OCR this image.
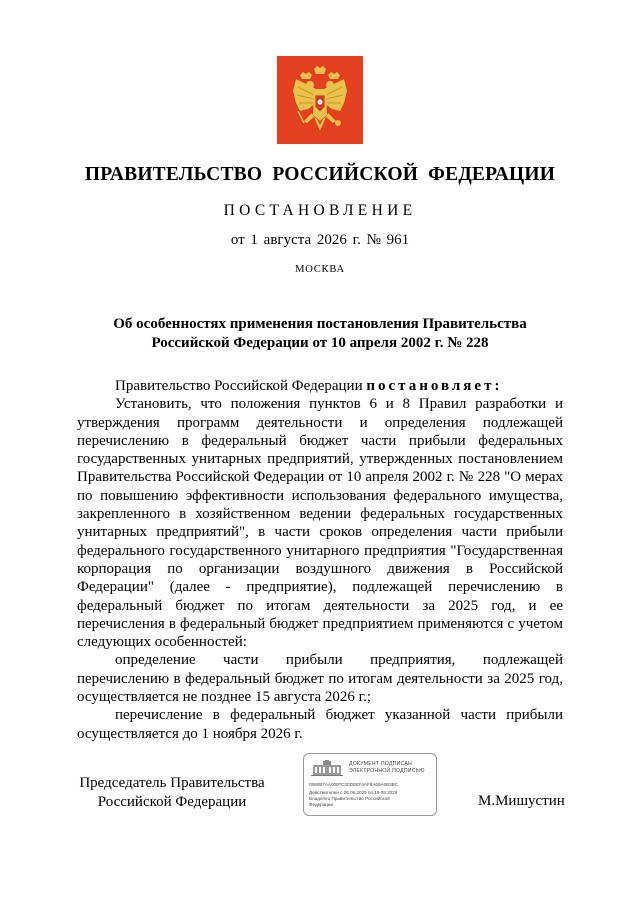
ПРАВИТЕЛЬСТВО РОССИЙСКОЙ ФЕДЕРАЦИИ
ПОСТАНОВЛЕНИЕ
от 1 августа 2026 г. № 961
МОСКВА
Об особенностях применения постановления Правительства
Российской Федерации от 10 апреля 2002 г. № 228

Правительство Российской Федерации постановляет:

Установить, что положения пунктов 6 и 8 Правил разработки и утверждения программ деятельности и определения подлежащей перечислению в федеральный бюджет части прибыли федеральных государственных унитарных предприятий, утвержденных постановлением Правительства Российской Федерации от 10 апреля 2002 г. № 228 "О мерах по повышению эффективности использования федерального имущества, закрепленного в хозяйственном ведении федеральных государственных унитарных предприятий", в части сроков определения части прибыли федерального государственного унитарного предприятия "Государственная корпорация по организации воздушного движения в Российской Федерации" (далее - предприятие), подлежащей перечислению в федеральный бюджет по итогам деятельности за 2025 год, и ее перечисления в федеральный бюджет предприятием применяются с учетом следующих особенностей:

определение части прибыли предприятия, подлежащей перечислению в федеральный бюджет по итогам деятельности за 2025 год, осуществляется не позднее 15 августа 2026 г.;

перечисление в федеральный бюджет указанной части прибыли осуществляется до 1 ноября 2026 г.

Председатель Правительства
Российской Федерации
ДОКУМЕНТ ПОДПИСАН
ЭЛЕКТРОННОЙ ПОДПИСЬЮ
0560B7AA0097C20D0EF4AF8A69A0B3BC
Действителен с 26.06.2025 по 19.09.2026
Владелец Правительство Российской
Федерации	М.Мишустин
